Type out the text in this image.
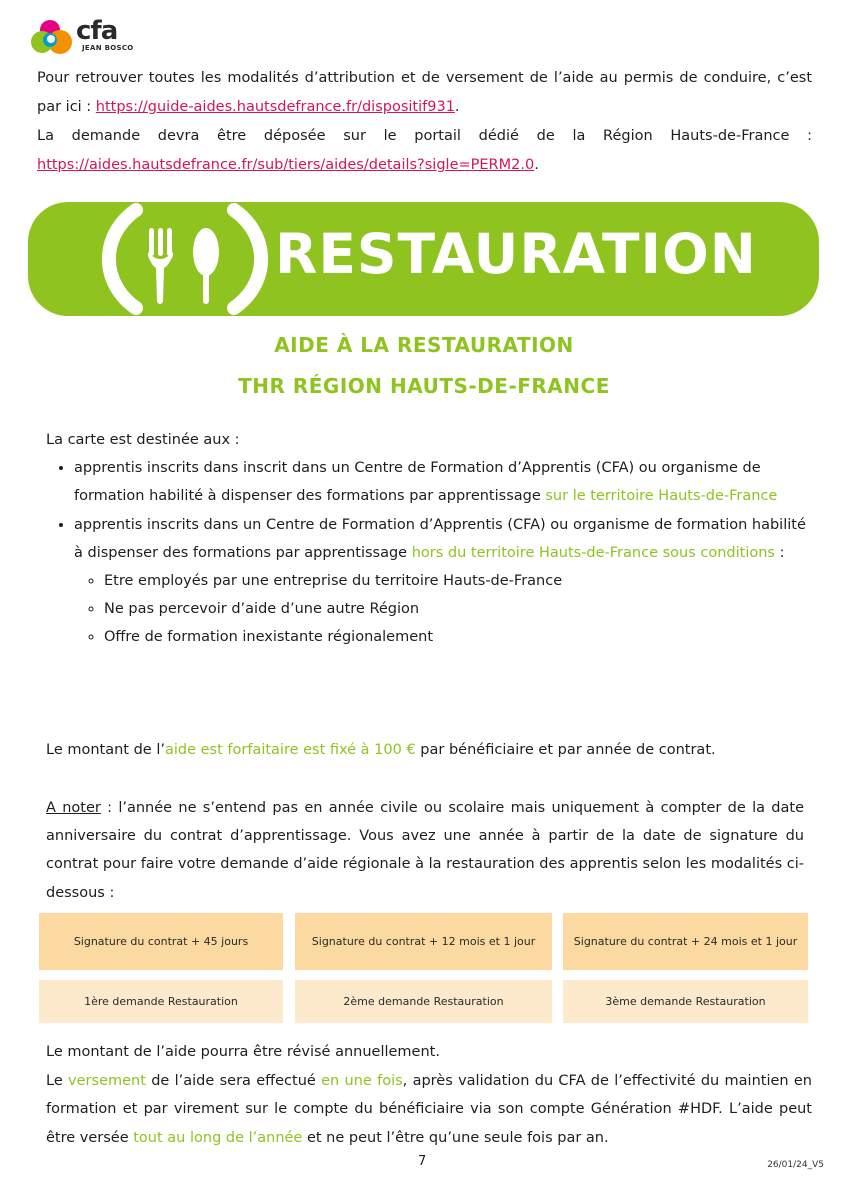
cfa
JEAN BOSCO

Pour retrouver toutes les modalités d’attribution et de versement de l’aide au permis de conduire, c’est par ici : https://guide-aides.hautsdefrance.fr/dispositif931.

La demande devra être déposée sur le portail dédié de la Région Hauts-de-France : https://aides.hautsdefrance.fr/sub/tiers/aides/details?sigle=PERM2.0.

RESTAURATION
AIDE À LA RESTAURATION
THR RÉGION HAUTS-DE-FRANCE

La carte est destinée aux :

• apprentis inscrits dans inscrit dans un Centre de Formation d’Apprentis (CFA) ou organisme de formation habilité à dispenser des formations par apprentissage sur le territoire Hauts-de-France
• apprentis inscrits dans un Centre de Formation d’Apprentis (CFA) ou organisme de formation habilité à dispenser des formations par apprentissage hors du territoire Hauts-de-France sous conditions :
◦ Etre employés par une entreprise du territoire Hauts-de-France
◦ Ne pas percevoir d’aide d’une autre Région
◦ Offre de formation inexistante régionalement

Le montant de l’aide est forfaitaire est fixé à 100 € par bénéficiaire et par année de contrat.

A noter : l’année ne s’entend pas en année civile ou scolaire mais uniquement à compter de la date anniversaire du contrat d’apprentissage. Vous avez une année à partir de la date de signature du contrat pour faire votre demande d’aide régionale à la restauration des apprentis selon les modalités ci-dessous :

Signature du contrat + 45 jours	Signature du contrat + 12 mois et 1 jour	Signature du contrat + 24 mois et 1 jour
1ère demande Restauration	2ème demande Restauration	3ème demande Restauration

Le montant de l’aide pourra être révisé annuellement.

Le versement de l’aide sera effectué en une fois, après validation du CFA de l’effectivité du maintien en formation et par virement sur le compte du bénéficiaire via son compte Génération #HDF. L’aide peut être versée tout au long de l’année et ne peut l’être qu’une seule fois par an.

7	26/01/24_V5
